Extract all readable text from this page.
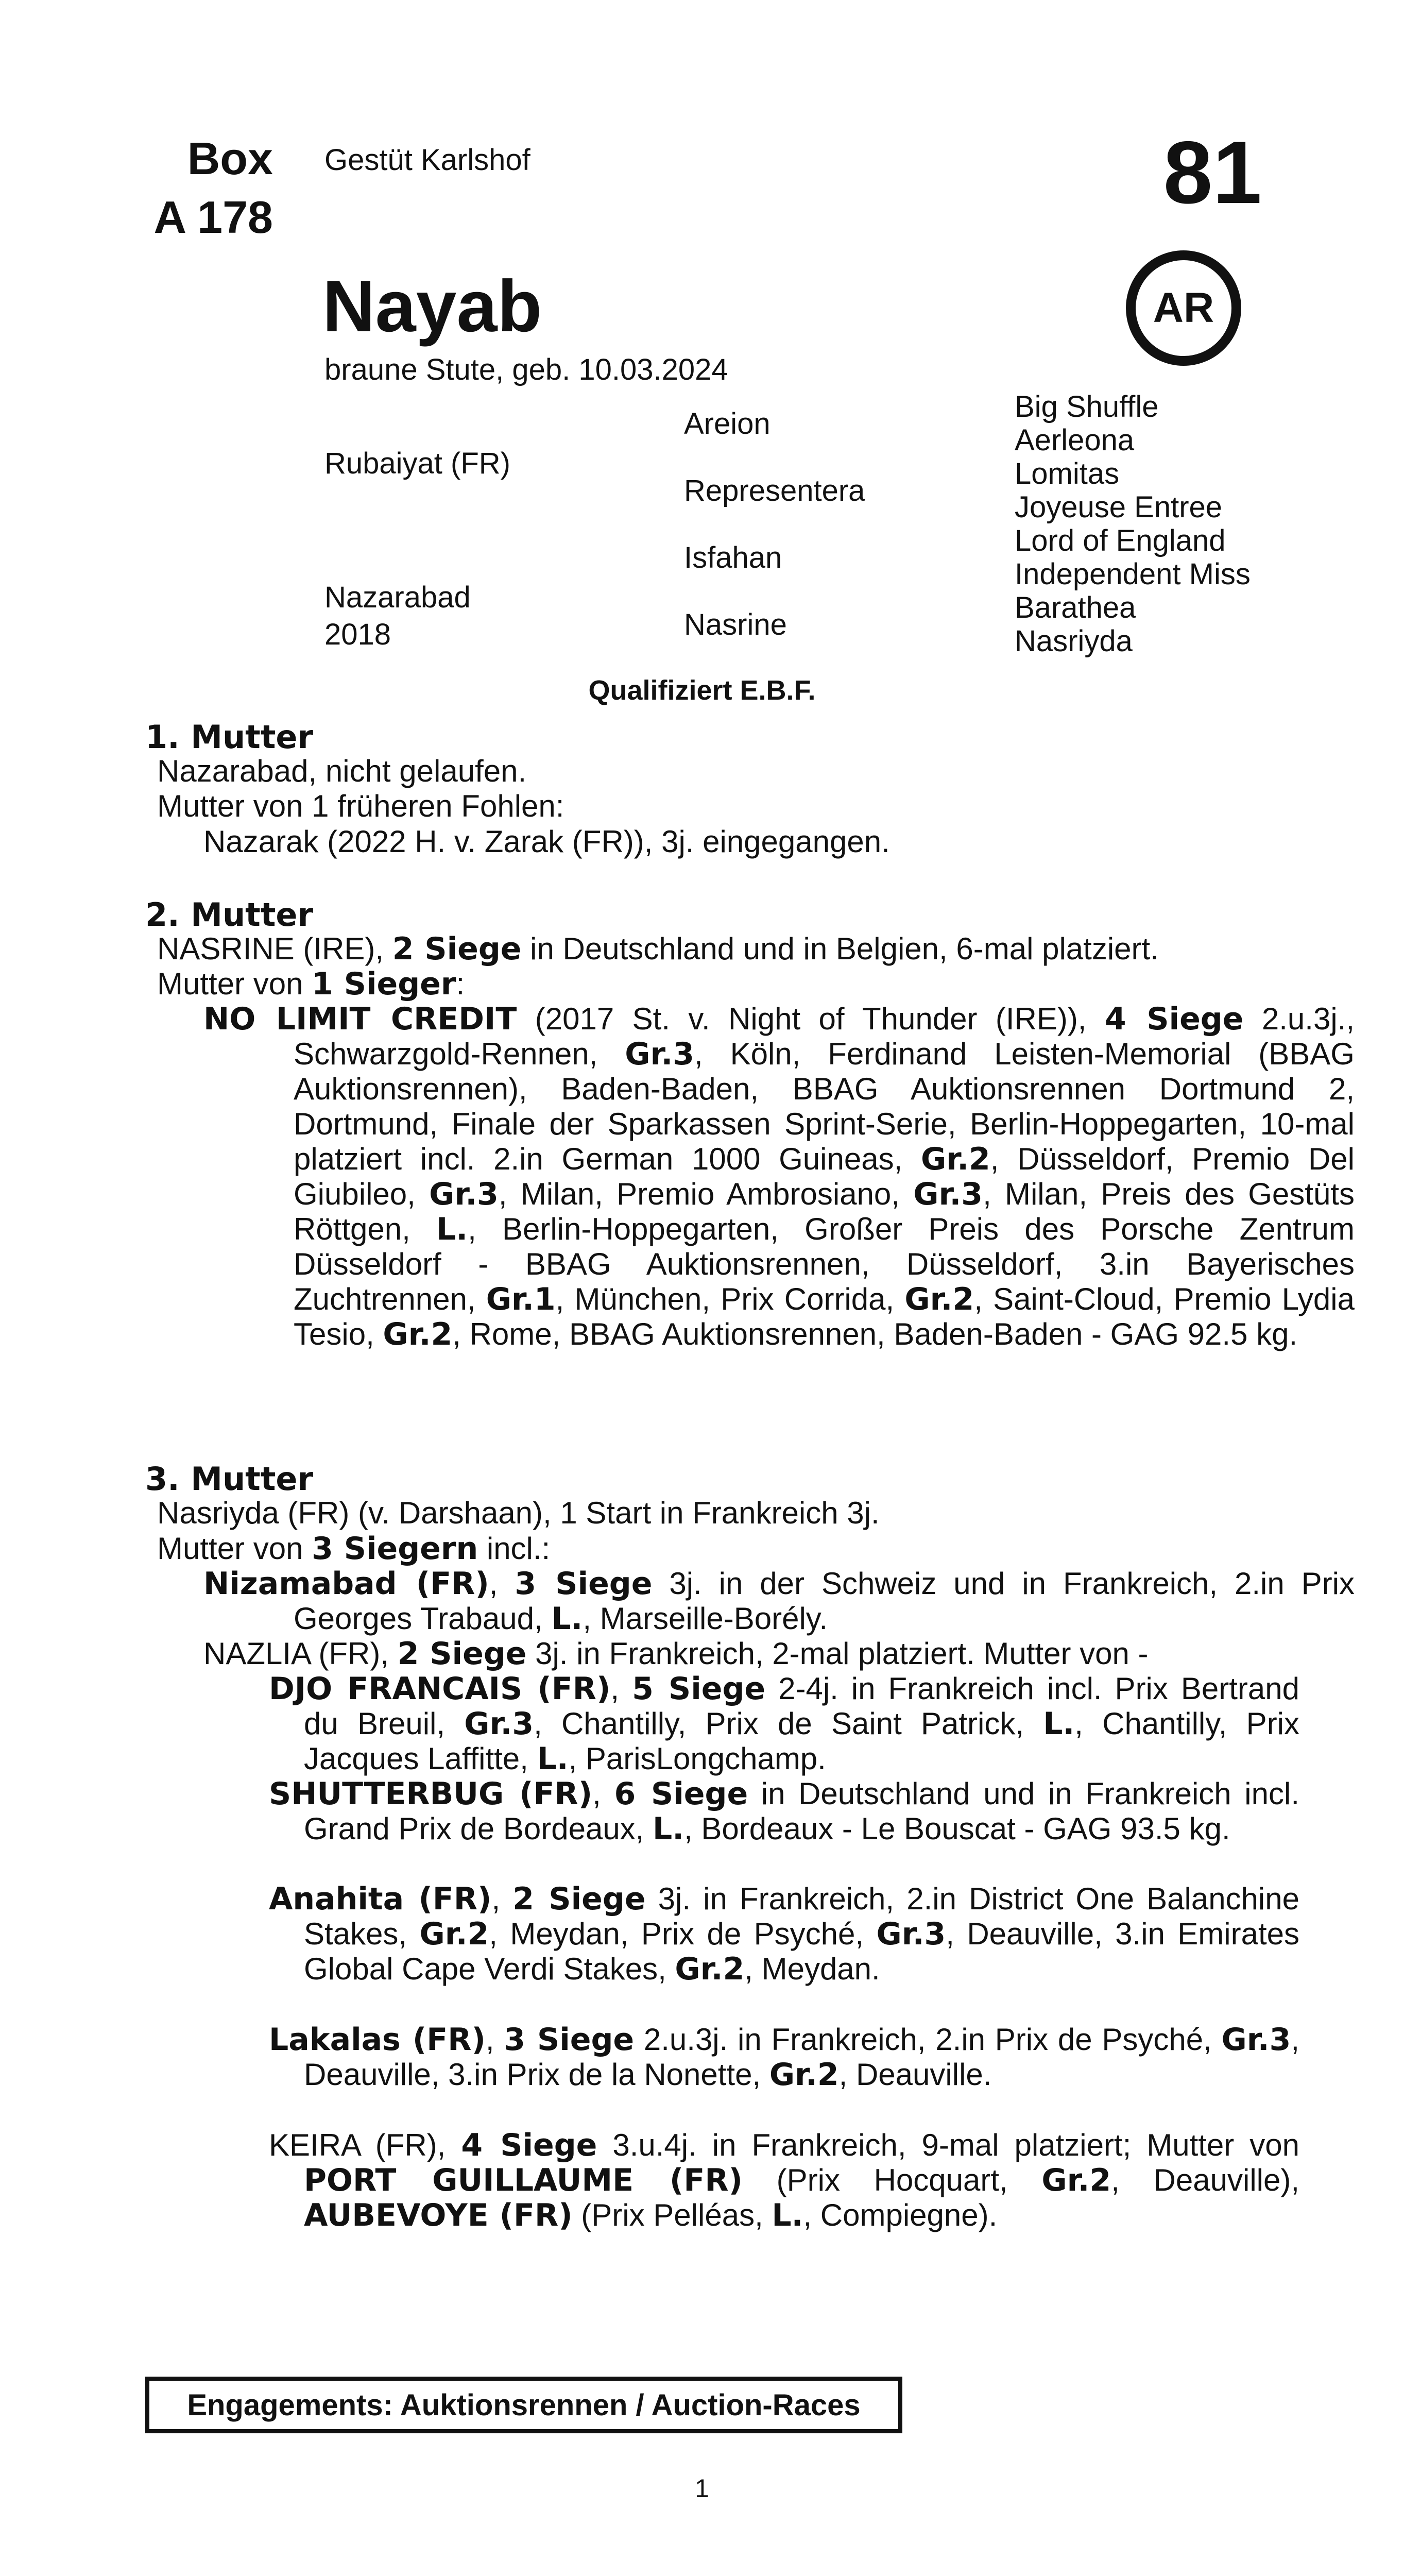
Box
A 178
Gestüt Karlshof	81
AR
Nayab
braune Stute, geb. 10.03.2024
Rubaiyat (FR)
Nazarabad
2018
Areion
Representera
Isfahan
Nasrine
Big Shuffle
Aerleona
Lomitas
Joyeuse Entree
Lord of England
Independent Miss
Barathea
Nasriyda
Qualifiziert E.B.F.
1. Mutter
Nazarabad, nicht gelaufen.
Mutter von 1 früheren Fohlen:
Nazarak (2022 H. v. Zarak (FR)), 3j. eingegangen.
2. Mutter
NASRINE (IRE), 2 Siege in Deutschland und in Belgien, 6-mal platziert.
Mutter von 1 Sieger:
NO LIMIT CREDIT (2017 St. v. Night of Thunder (IRE)), 4 Siege 2.u.3j., Schwarzgold-Rennen, Gr.3, Köln, Ferdinand Leisten-Memorial (BBAG Auktionsrennen), Baden-Baden, BBAG Auktionsrennen Dortmund 2, Dortmund, Finale der Sparkassen Sprint-Serie, Berlin-Hoppegarten, 10-mal platziert incl. 2.in German 1000 Guineas, Gr.2, Düsseldorf, Premio Del Giubileo, Gr.3, Milan, Premio Ambrosiano, Gr.3, Milan, Preis des Gestüts Röttgen, L., Berlin-Hoppegarten, Großer Preis des Porsche Zentrum Düsseldorf - BBAG Auktionsrennen, Düsseldorf, 3.in Bayerisches Zuchtrennen, Gr.1, München, Prix Corrida, Gr.2, Saint-Cloud, Premio Lydia Tesio, Gr.2, Rome, BBAG Auktionsrennen, Baden-Baden - GAG 92.5 kg.
3. Mutter
Nasriyda (FR) (v. Darshaan), 1 Start in Frankreich 3j.
Mutter von 3 Siegern incl.:
Nizamabad (FR), 3 Siege 3j. in der Schweiz und in Frankreich, 2.in Prix Georges Trabaud, L., Marseille-Borély.
NAZLIA (FR), 2 Siege 3j. in Frankreich, 2-mal platziert. Mutter von -
DJO FRANCAIS (FR), 5 Siege 2-4j. in Frankreich incl. Prix Bertrand du Breuil, Gr.3, Chantilly, Prix de Saint Patrick, L., Chantilly, Prix Jacques Laffitte, L., ParisLongchamp.
SHUTTERBUG (FR), 6 Siege in Deutschland und in Frankreich incl. Grand Prix de Bordeaux, L., Bordeaux - Le Bouscat - GAG 93.5 kg.
Anahita (FR), 2 Siege 3j. in Frankreich, 2.in District One Balanchine Stakes, Gr.2, Meydan, Prix de Psyché, Gr.3, Deauville, 3.in Emirates Global Cape Verdi Stakes, Gr.2, Meydan.
Lakalas (FR), 3 Siege 2.u.3j. in Frankreich, 2.in Prix de Psyché, Gr.3, Deauville, 3.in Prix de la Nonette, Gr.2, Deauville.
KEIRA (FR), 4 Siege 3.u.4j. in Frankreich, 9-mal platziert; Mutter von PORT GUILLAUME (FR) (Prix Hocquart, Gr.2, Deauville), AUBEVOYE (FR) (Prix Pelléas, L., Compiegne).
Engagements: Auktionsrennen / Auction-Races
1
